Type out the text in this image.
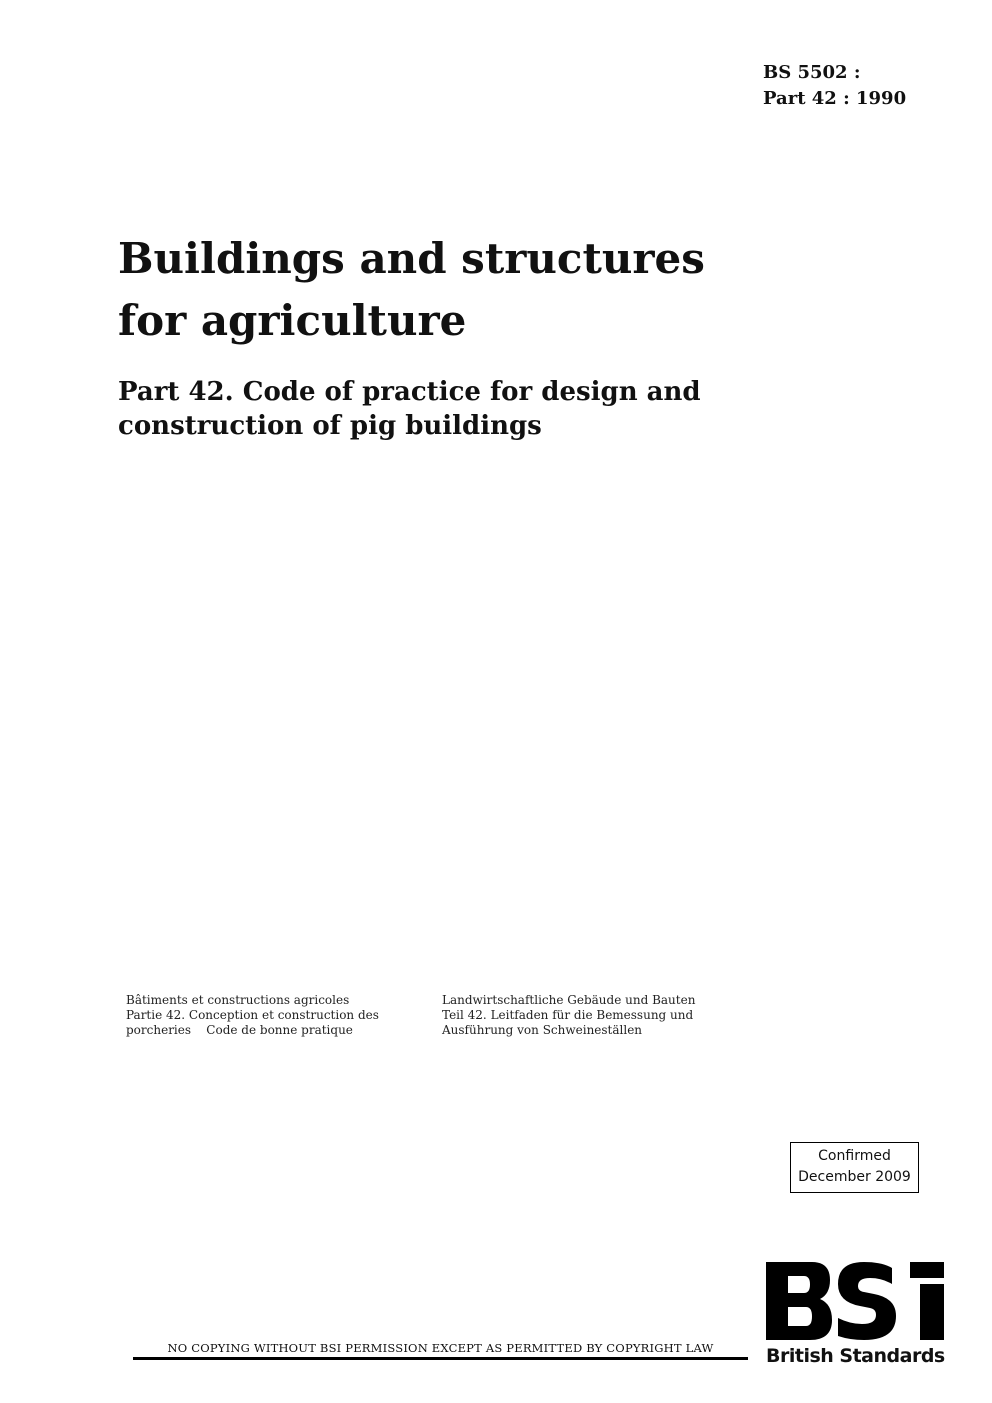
BS 5502 :
Part 42 : 1990
Buildings and structures
for agriculture
Part 42. Code of practice for design and
construction of pig buildings
Bâtiments et constructions agricoles
Partie 42. Conception et construction des
porcheries    Code de bonne pratique
Landwirtschaftliche Gebäude und Bauten
Teil 42. Leitfaden für die Bemessung und
Ausführung von Schweineställen
Confirmed
December 2009
NO COPYING WITHOUT BSI PERMISSION EXCEPT AS PERMITTED BY COPYRIGHT LAW	British Standards
